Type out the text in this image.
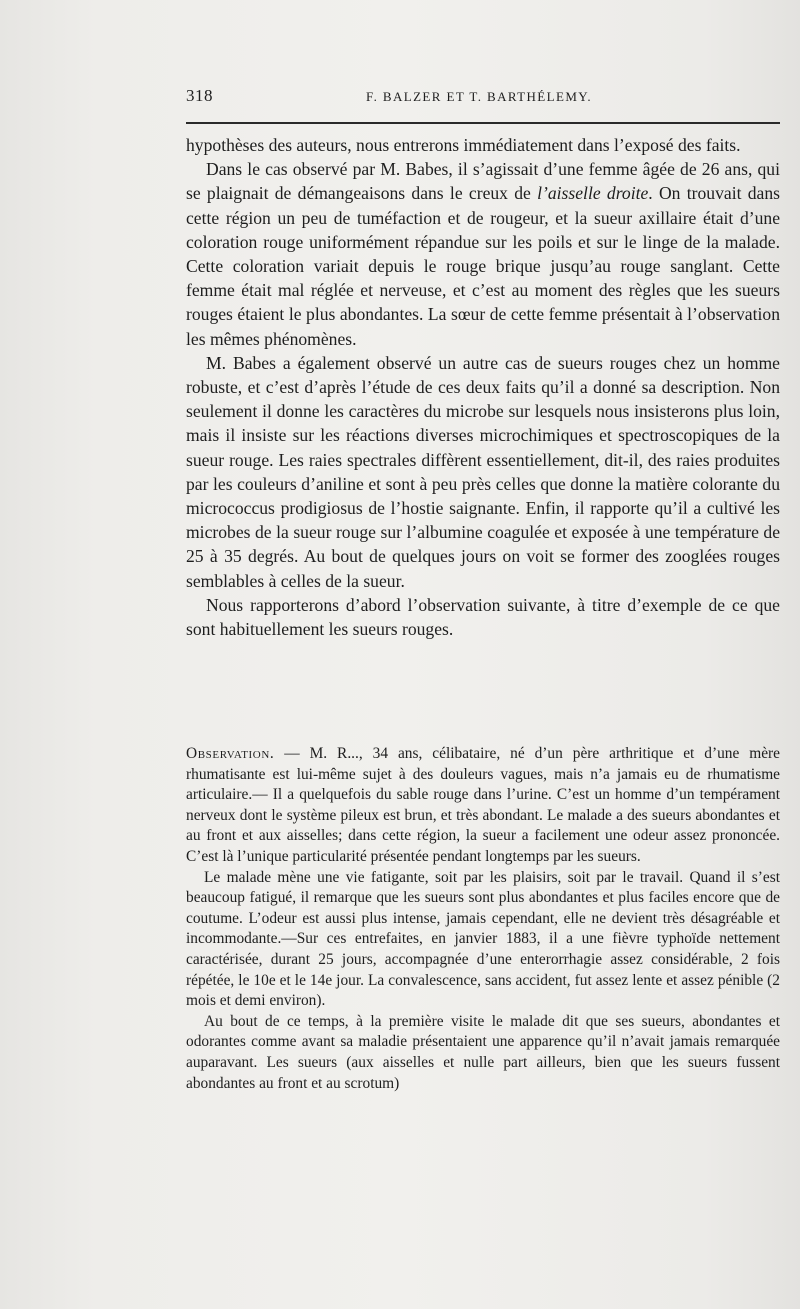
318	F. BALZER ET T. BARTHÉLEMY.

hypothèses des auteurs, nous entrerons immédiatement dans l’exposé des faits.

Dans le cas observé par M. Babes, il s’agissait d’une femme âgée de 26 ans, qui se plaignait de démangeaisons dans le creux de l’aisselle droite. On trouvait dans cette région un peu de tuméfaction et de rougeur, et la sueur axillaire était d’une coloration rouge uniformément répandue sur les poils et sur le linge de la malade. Cette coloration variait depuis le rouge brique jusqu’au rouge sanglant. Cette femme était mal réglée et nerveuse, et c’est au moment des règles que les sueurs rouges étaient le plus abondantes. La sœur de cette femme présentait à l’observation les mêmes phénomènes.

M. Babes a également observé un autre cas de sueurs rouges chez un homme robuste, et c’est d’après l’étude de ces deux faits qu’il a donné sa description. Non seulement il donne les caractères du microbe sur lesquels nous insisterons plus loin, mais il insiste sur les réactions diverses microchimiques et spectroscopiques de la sueur rouge. Les raies spectrales diffèrent essentiellement, dit-il, des raies produites par les couleurs d’aniline et sont à peu près celles que donne la matière colorante du micrococcus prodigiosus de l’hostie saignante. Enfin, il rapporte qu’il a cultivé les microbes de la sueur rouge sur l’albumine coagulée et exposée à une température de 25 à 35 degrés. Au bout de quelques jours on voit se former des zooglées rouges semblables à celles de la sueur.

Nous rapporterons d’abord l’observation suivante, à titre d’exemple de ce que sont habituellement les sueurs rouges.

Observation. — M. R..., 34 ans, célibataire, né d’un père arthritique et d’une mère rhumatisante est lui-même sujet à des douleurs vagues, mais n’a jamais eu de rhumatisme articulaire.— Il a quelquefois du sable rouge dans l’urine. C’est un homme d’un tempérament nerveux dont le système pileux est brun, et très abondant. Le malade a des sueurs abondantes et au front et aux aisselles; dans cette région, la sueur a facilement une odeur assez prononcée. C’est là l’unique particularité présentée pendant longtemps par les sueurs.

Le malade mène une vie fatigante, soit par les plaisirs, soit par le travail. Quand il s’est beaucoup fatigué, il remarque que les sueurs sont plus abondantes et plus faciles encore que de coutume. L’odeur est aussi plus intense, jamais cependant, elle ne devient très désagréable et incommodante.—Sur ces entrefaites, en janvier 1883, il a une fièvre typhoïde nettement caractérisée, durant 25 jours, accompagnée d’une enterorrhagie assez considérable, 2 fois répétée, le 10e et le 14e jour. La convalescence, sans accident, fut assez lente et assez pénible (2 mois et demi environ).

Au bout de ce temps, à la première visite le malade dit que ses sueurs, abondantes et odorantes comme avant sa maladie présentaient une apparence qu’il n’avait jamais remarquée auparavant. Les sueurs (aux aisselles et nulle part ailleurs, bien que les sueurs fussent abondantes au front et au scrotum)
